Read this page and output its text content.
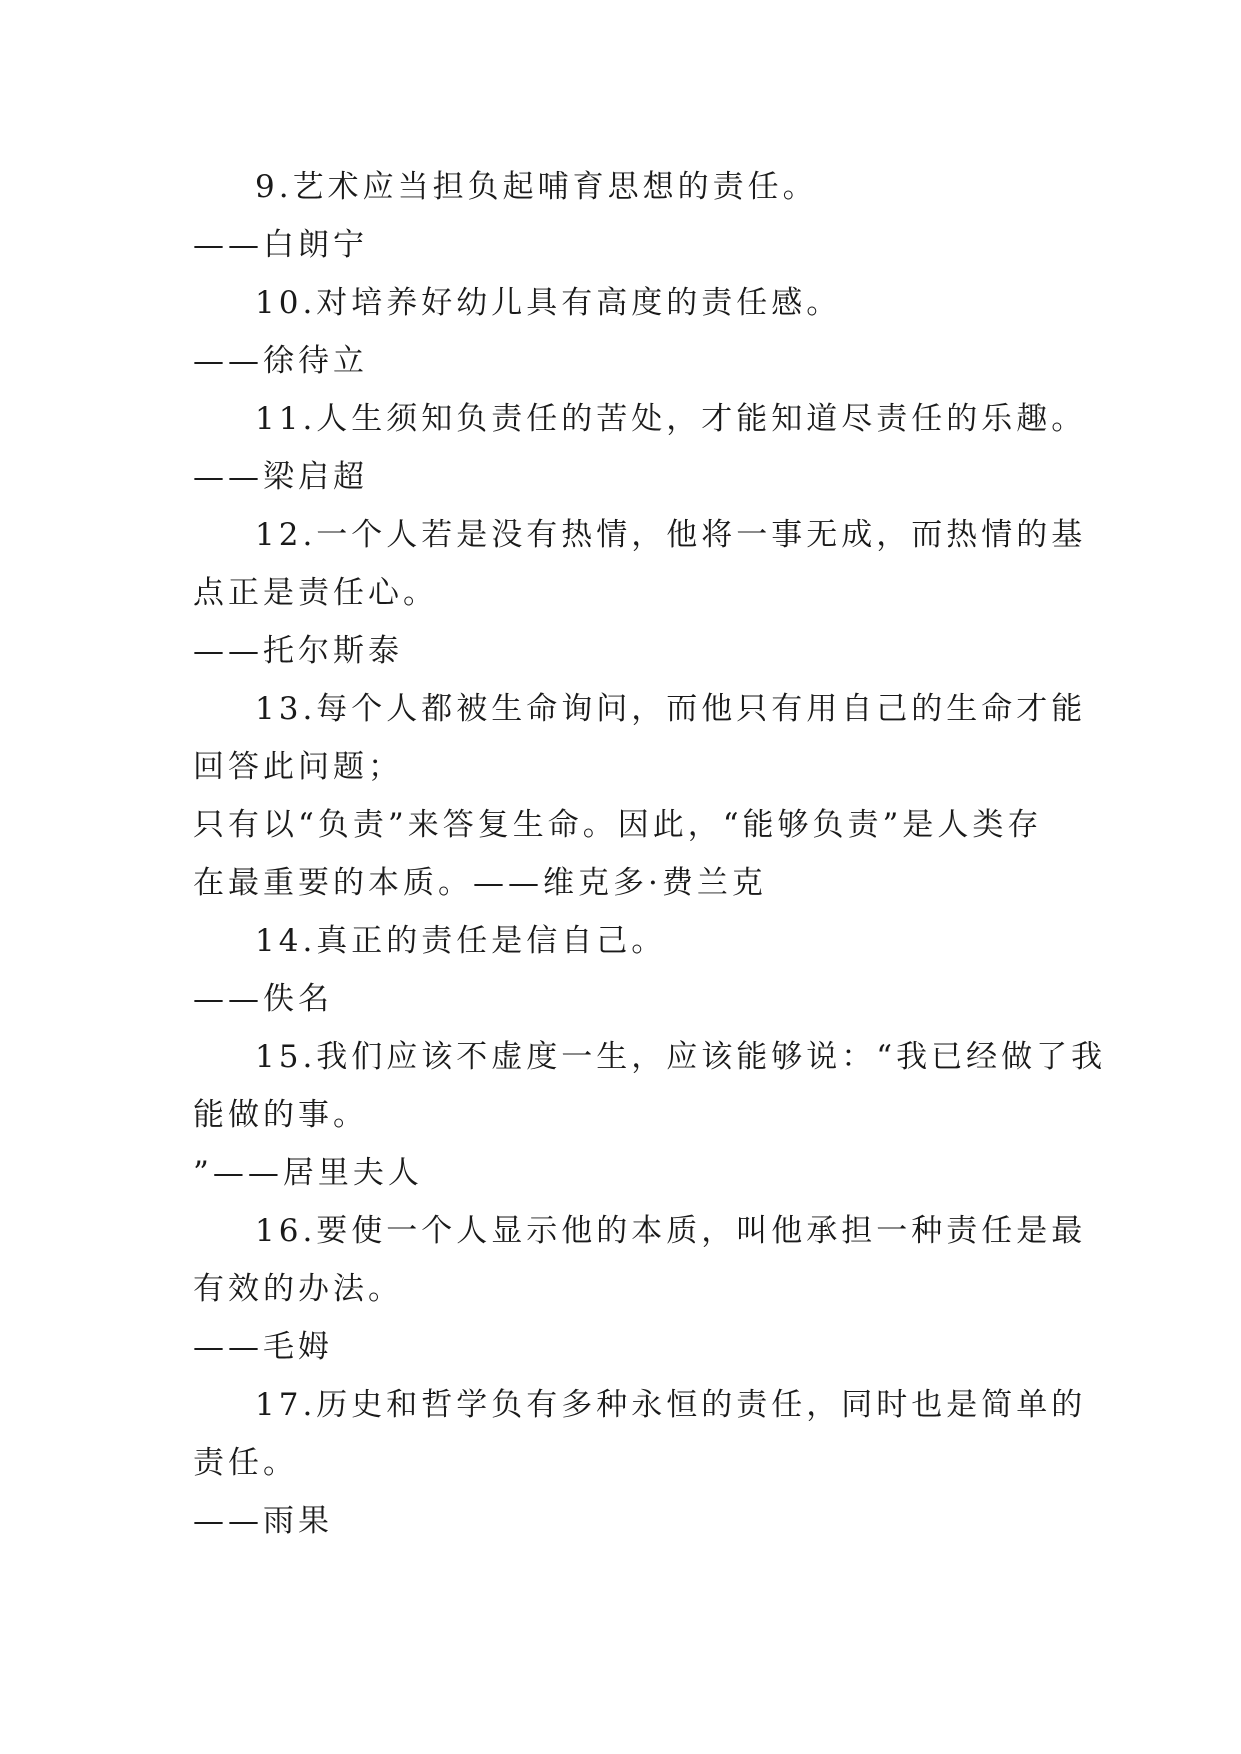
9.艺术应当担负起哺育思想的责任。
——白朗宁
10.对培养好幼儿具有高度的责任感。
——徐待立
11.人生须知负责任的苦处，才能知道尽责任的乐趣。
——梁启超
12.一个人若是没有热情，他将一事无成，而热情的基
点正是责任心。
——托尔斯泰
13.每个人都被生命询问，而他只有用自己的生命才能
回答此问题；
只有以“负责”来答复生命。因此，“能够负责”是人类存
在最重要的本质。——维克多·费兰克
14.真正的责任是信自己。
——佚名
15.我们应该不虚度一生，应该能够说：“我已经做了我
能做的事。
”——居里夫人
16.要使一个人显示他的本质，叫他承担一种责任是最
有效的办法。
——毛姆
17.历史和哲学负有多种永恒的责任，同时也是简单的
责任。
——雨果
